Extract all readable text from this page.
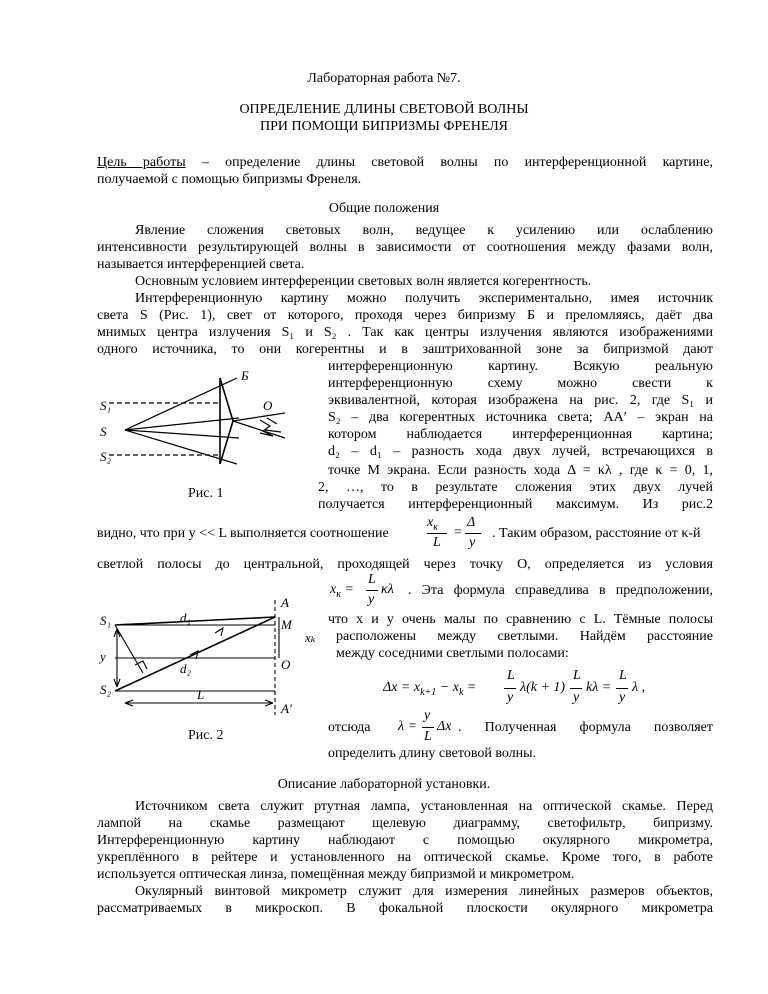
Лабораторная работа №7.
ОПРЕДЕЛЕНИЕ ДЛИНЫ СВЕТОВОЙ ВОЛНЫ
ПРИ ПОМОЩИ БИПРИЗМЫ ФРЕНЕЛЯ
Цель работы – определение длины световой волны по интерференционной картине,
получаемой с помощью бипризмы Френеля.
Общие положения
Явление сложения световых волн, ведущее к усилению или ослаблению
интенсивности результирующей волны в зависимости от соотношения между фазами волн,
называется интерференцией света.
Основным условием интерференции световых волн является когерентность.
Интерференционную картину можно получить экспериментально, имея источник
света S (Рис. 1), свет от которого, проходя через бипризму Б и преломляясь, даёт два
мнимых центра излучения S₁ и S₂ . Так как центры излучения являются изображениями
одного источника, то они когерентны и в заштрихованной зоне за бипризмой дают
интерференционную картину. Всякую реальную
интерференционную схему можно свести к
эквивалентной, которая изображена на рис. 2, где S₁ и
S₂ – два когерентных источника света; AA′ – экран на
котором наблюдается интерференционная картина;
d₂ – d₁ – разность хода двух лучей, встречающихся в
точке M экрана. Если разность хода Δ = κλ , где κ = 0, 1,
2, …, то в результате сложения этих двух лучей
получается интерференционный максимум. Из рис.2
S₁
S
S₂
Б
O
Рис. 1
видно, что при y << L выполняется соотношение
$x_к$
L
=
Δ
y
. Таким образом, расстояние от κ-й
светлой полосы до центральной, проходящей через точку O, определяется из условия
$x_к$ =
L
y
κλ . Эта формула справедлива в предположении,
A
M
O
A′
S₁
S₂
d₁
d₂
xₖ
y
L
Рис. 2
что x и y очень малы по сравнению с L. Тёмные полосы
расположены между светлыми. Найдём расстояние
между соседними светлыми полосами:
$\Delta x = x_{k+1} - x_k$ =
L
y
λ(k + 1)
L
y
kλ =
L
y
λ ,
отсюда λ =
y
L
Δx . Полученная формула позволяет
определить длину световой волны.
Описание лабораторной установки.
Источником света служит ртутная лампа, установленная на оптической скамье. Перед
лампой на скамье размещают щелевую диаграмму, светофильтр, бипризму.
Интерференционную картину наблюдают с помощью окулярного микрометра,
укреплённого в рейтере и установленного на оптической скамье. Кроме того, в работе
используется оптическая линза, помещённая между бипризмой и микрометром.
Окулярный винтовой микрометр служит для измерения линейных размеров объектов,
рассматриваемых в микроскоп. В фокальной плоскости окулярного микрометра
